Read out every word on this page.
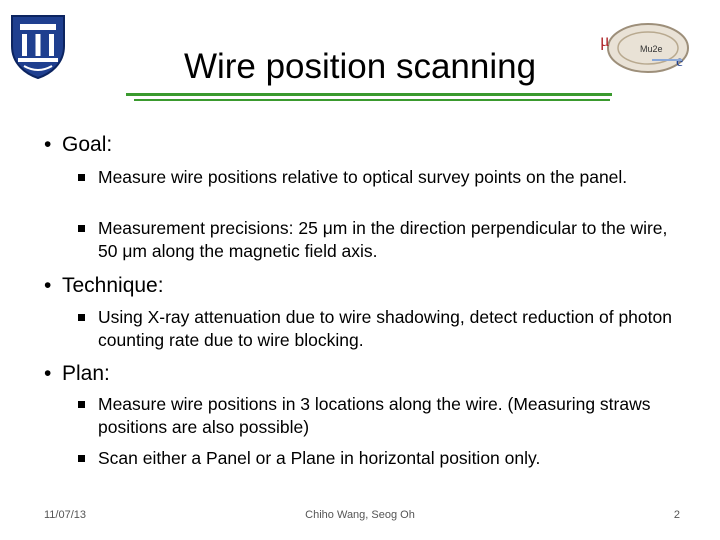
μ
e
Mu2e
Wire position scanning
• Goal:
Measure wire positions relative to optical survey points on the panel.
Measurement precisions: 25 μm in the direction perpendicular to the wire, 50 μm along the magnetic field axis.
• Technique:
Using X-ray attenuation due to wire shadowing, detect reduction of photon counting rate due to wire blocking.
• Plan:
Measure wire positions in 3 locations along the wire. (Measuring straws positions are also possible)
Scan either a Panel or a Plane in horizontal position only.
11/07/13	Chiho Wang, Seog Oh	2
